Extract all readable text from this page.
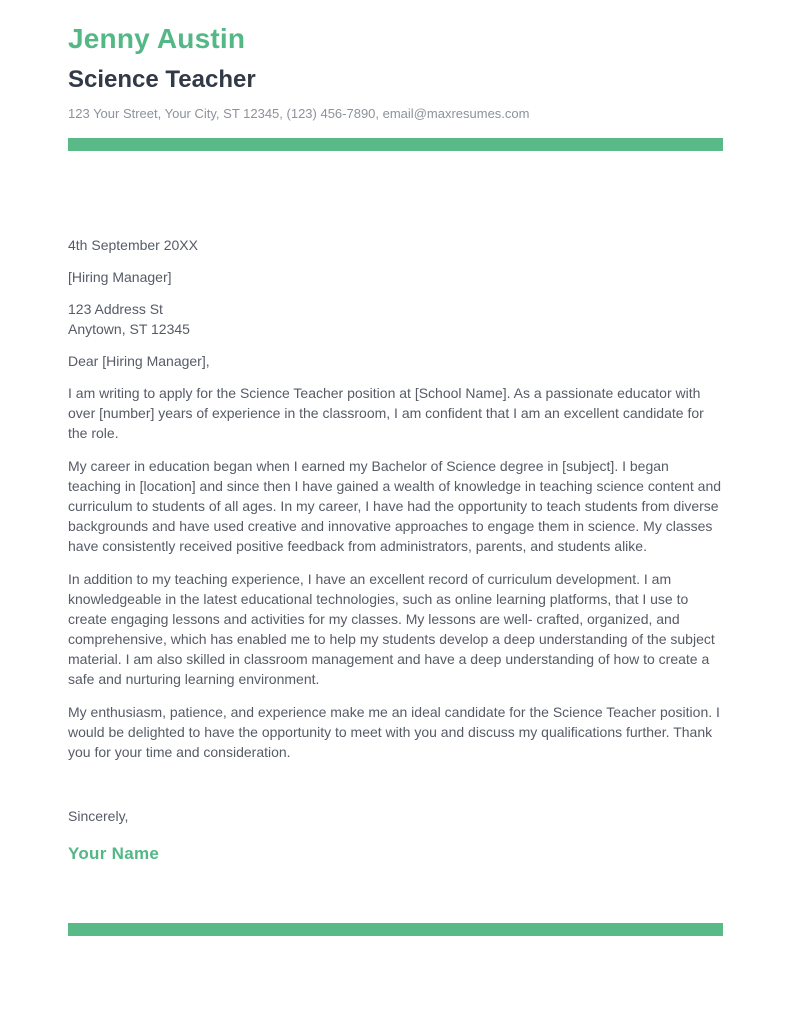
Jenny Austin
Science Teacher
123 Your Street, Your City, ST 12345, (123) 456-7890, email@maxresumes.com
4th September 20XX
[Hiring Manager]
123 Address St
Anytown, ST 12345
Dear [Hiring Manager],

I am writing to apply for the Science Teacher position at [School Name]. As a passionate educator with over [number] years of experience in the classroom, I am confident that I am an excellent candidate for the role.

My career in education began when I earned my Bachelor of Science degree in [subject]. I began teaching in [location] and since then I have gained a wealth of knowledge in teaching science content and curriculum to students of all ages. In my career, I have had the opportunity to teach students from diverse backgrounds and have used creative and innovative approaches to engage them in science. My classes have consistently received positive feedback from administrators, parents, and students alike.

In addition to my teaching experience, I have an excellent record of curriculum development. I am knowledgeable in the latest educational technologies, such as online learning platforms, that I use to create engaging lessons and activities for my classes. My lessons are well- crafted, organized, and comprehensive, which has enabled me to help my students develop a deep understanding of the subject material. I am also skilled in classroom management and have a deep understanding of how to create a safe and nurturing learning environment.

My enthusiasm, patience, and experience make me an ideal candidate for the Science Teacher position. I would be delighted to have the opportunity to meet with you and discuss my qualifications further. Thank you for your time and consideration.

Sincerely,
Your Name
